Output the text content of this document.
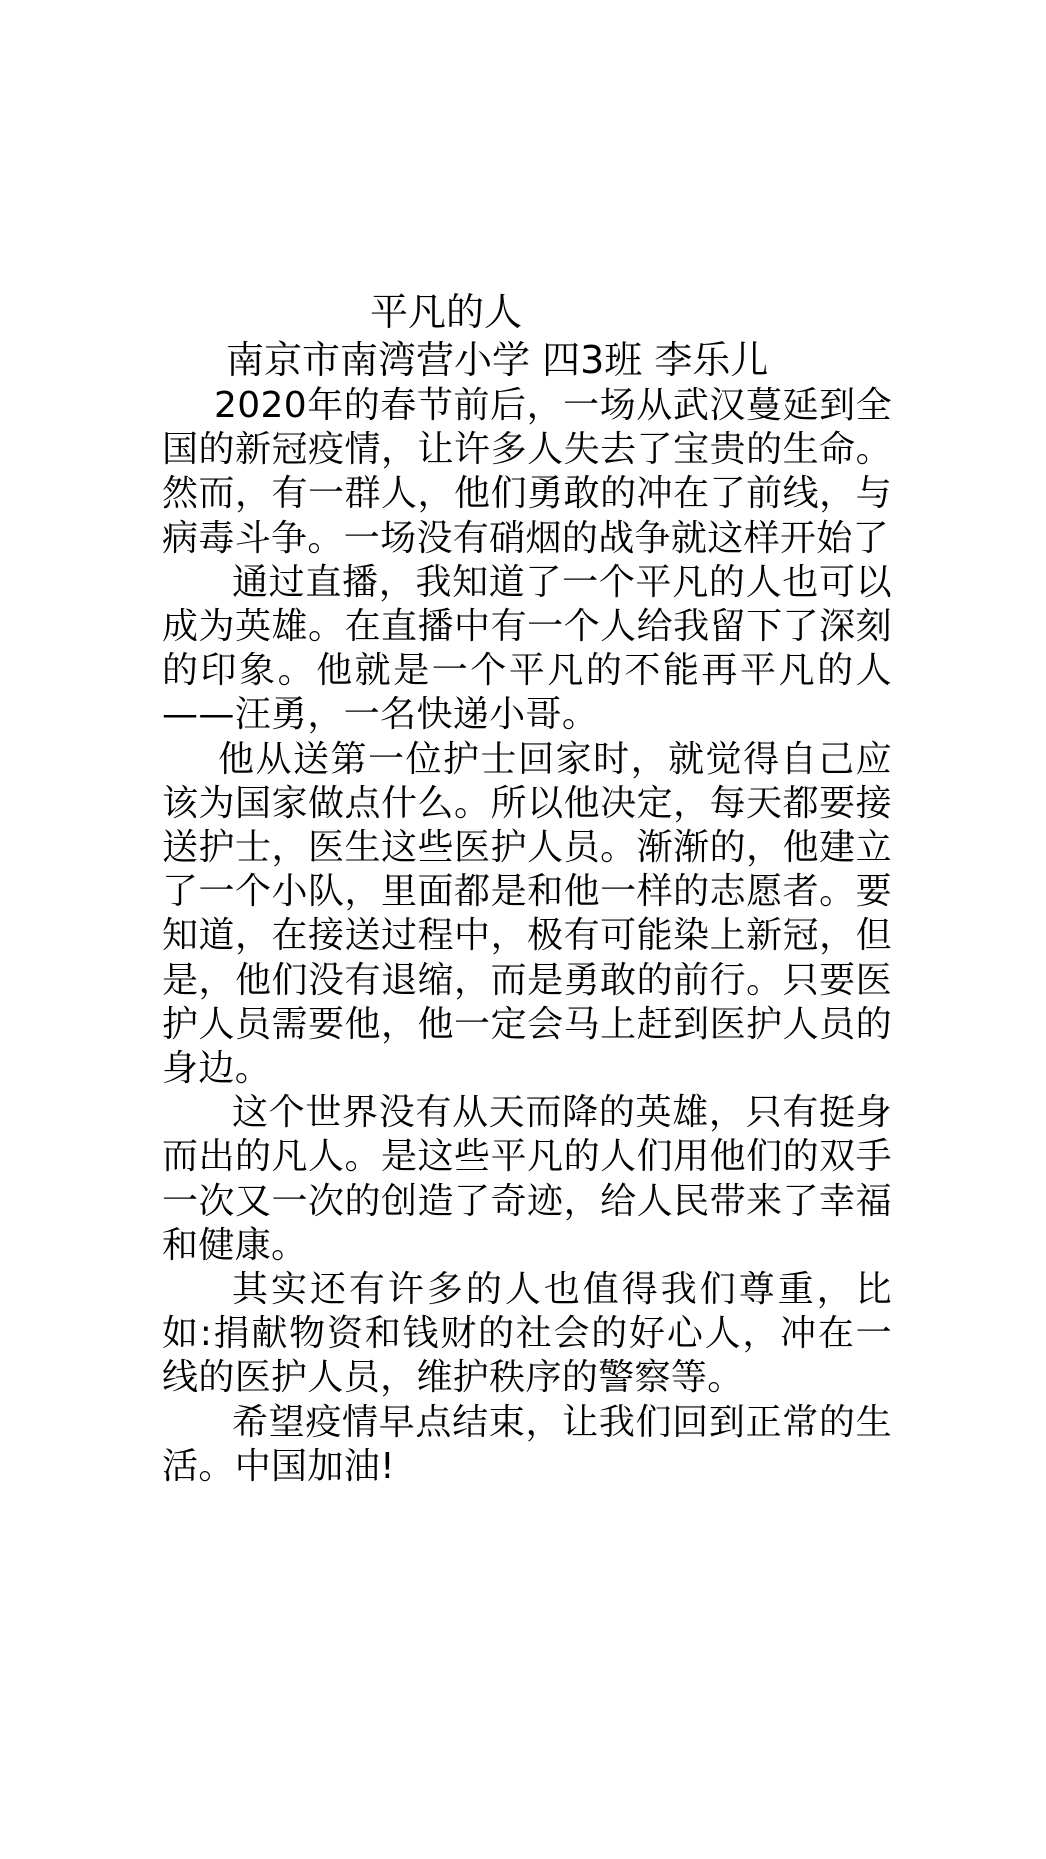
平凡的人
南京市南湾营小学 四3班 李乐儿

2020年的春节前后，一场从武汉蔓延到全国的新冠疫情，让许多人失去了宝贵的生命。然而，有一群人，他们勇敢的冲在了前线，与病毒斗争。一场没有硝烟的战争就这样开始了

通过直播，我知道了一个平凡的人也可以成为英雄。在直播中有一个人给我留下了深刻的印象。他就是一个平凡的不能再平凡的人——汪勇，一名快递小哥。

他从送第一位护士回家时，就觉得自己应该为国家做点什么。所以他决定，每天都要接送护士，医生这些医护人员。渐渐的，他建立了一个小队，里面都是和他一样的志愿者。要知道，在接送过程中，极有可能染上新冠，但是，他们没有退缩，而是勇敢的前行。只要医护人员需要他，他一定会马上赶到医护人员的身边。

这个世界没有从天而降的英雄，只有挺身而出的凡人。是这些平凡的人们用他们的双手一次又一次的创造了奇迹，给人民带来了幸福和健康。

其实还有许多的人也值得我们尊重，比如:捐献物资和钱财的社会的好心人，冲在一线的医护人员，维护秩序的警察等。

希望疫情早点结束，让我们回到正常的生活。中国加油!
